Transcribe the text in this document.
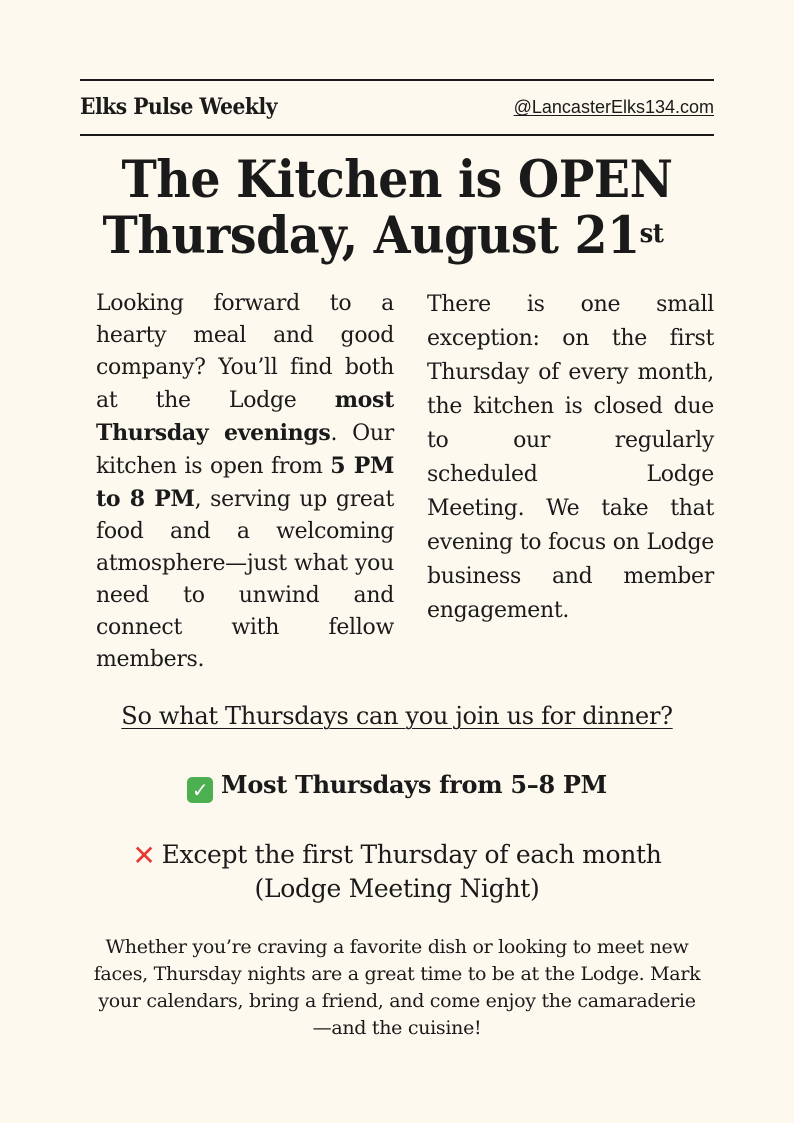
Elks Pulse Weekly	@LancasterElks134.com
The Kitchen is OPEN
Thursday, August 21st

Looking forward to a hearty meal and good company? You’ll find both at the Lodge most Thursday evenings. Our kitchen is open from 5 PM to 8 PM, serving up great food and a welcoming atmosphere—just what you need to unwind and connect with fellow members.

There is one small exception: on the first Thursday of every month, the kitchen is closed due to our regularly scheduled Lodge Meeting. We take that evening to focus on Lodge business and member engagement.

So what Thursdays can you join us for dinner?
✓ Most Thursdays from 5–8 PM
✕ Except the first Thursday of each month
(Lodge Meeting Night)

Whether you’re craving a favorite dish or looking to meet new faces, Thursday nights are a great time to be at the Lodge. Mark your calendars, bring a friend, and come enjoy the camaraderie—and the cuisine!
